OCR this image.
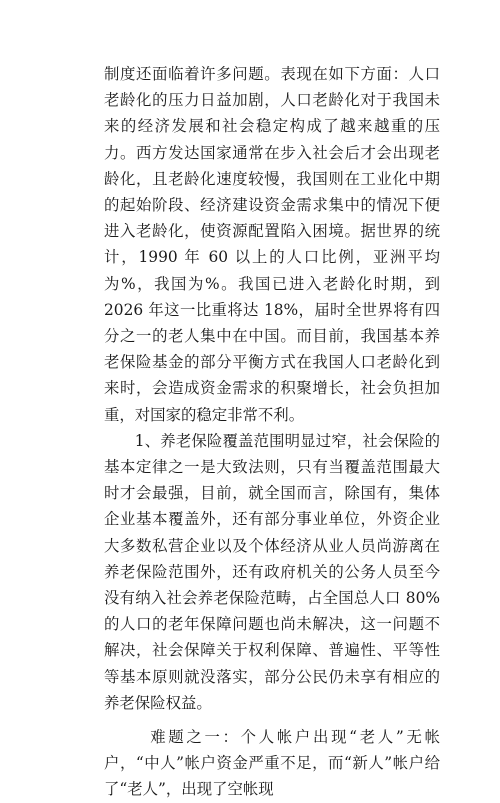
制度还面临着许多问题。表现在如下方面：人口老龄化的压力日益加剧，人口老龄化对于我国未来的经济发展和社会稳定构成了越来越重的压力。西方发达国家通常在步入社会后才会出现老龄化，且老龄化速度较慢，我国则在工业化中期的起始阶段、经济建设资金需求集中的情况下便进入老龄化，使资源配置陷入困境。据世界的统计，1990 年 60 以上的人口比例，亚洲平均为%，我国为%。我国已进入老龄化时期，到 2026 年这一比重将达 18%，届时全世界将有四分之一的老人集中在中国。而目前，我国基本养老保险基金的部分平衡方式在我国人口老龄化到来时，会造成资金需求的积聚增长，社会负担加重，对国家的稳定非常不利。

1、养老保险覆盖范围明显过窄，社会保险的基本定律之一是大致法则，只有当覆盖范围最大时才会最强，目前，就全国而言，除国有，集体企业基本覆盖外，还有部分事业单位，外资企业大多数私营企业以及个体经济从业人员尚游离在养老保险范围外，还有政府机关的公务人员至今没有纳入社会养老保险范畴，占全国总人口 80%的人口的老年保障问题也尚未解决，这一问题不解决，社会保障关于权利保障、普遍性、平等性等基本原则就没落实，部分公民仍未享有相应的养老保险权益。

难题之一：个人帐户出现“老人”无帐户，“中人”帐户资金严重不足，而“新人”帐户给了“老人”，出现了空帐现
